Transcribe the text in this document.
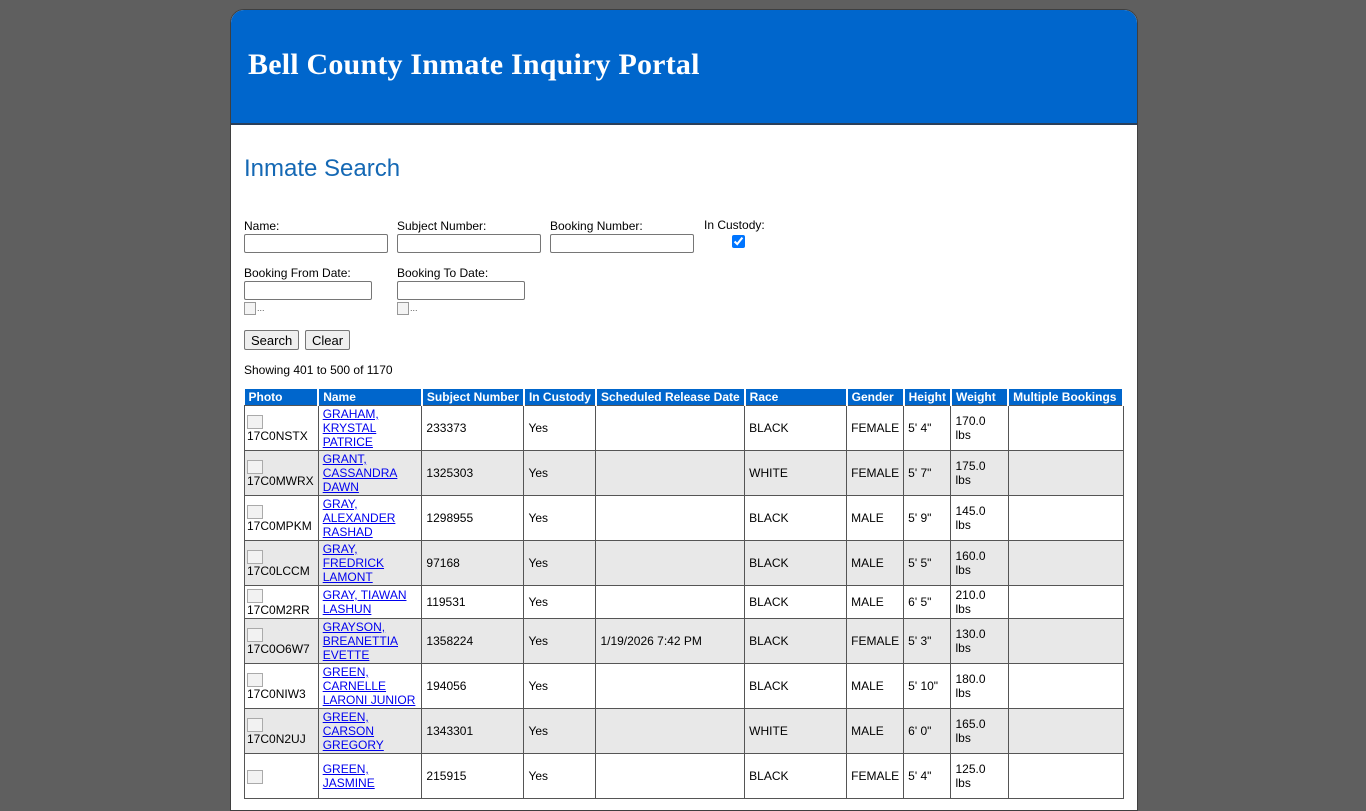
Bell County Inmate Inquiry Portal
Inmate Search
Name:	Subject Number:	Booking Number:	In Custody:
Booking From Date:

...
Booking To Date:

...
Search	Clear
Showing 401 to 500 of 1170
Photo	Name	Subject Number	In Custody	Scheduled Release Date	Race	Gender	Height	Weight	Multiple Bookings

17C0NSTX	GRAHAM, KRYSTAL PATRICE	233373	Yes		BLACK	FEMALE	5' 4"	170.0 lbs	

17C0MWRX	GRANT, CASSANDRA DAWN	1325303	Yes		WHITE	FEMALE	5' 7"	175.0 lbs	

17C0MPKM	GRAY, ALEXANDER RASHAD	1298955	Yes		BLACK	MALE	5' 9"	145.0 lbs	

17C0LCCM	GRAY, FREDRICK LAMONT	97168	Yes		BLACK	MALE	5' 5"	160.0 lbs	

17C0M2RR	GRAY, TIAWAN LASHUN	119531	Yes		BLACK	MALE	6' 5"	210.0 lbs	

17C0O6W7	GRAYSON, BREANETTIA EVETTE	1358224	Yes	1/19/2026 7:42 PM	BLACK	FEMALE	5' 3"	130.0 lbs	

17C0NIW3	GREEN, CARNELLE LARONI JUNIOR	194056	Yes		BLACK	MALE	5' 10"	180.0 lbs	

17C0N2UJ	GREEN, CARSON GREGORY	1343301	Yes		WHITE	MALE	6' 0"	165.0 lbs	

	GREEN, JASMINE	215915	Yes		BLACK	FEMALE	5' 4"	125.0 lbs	
